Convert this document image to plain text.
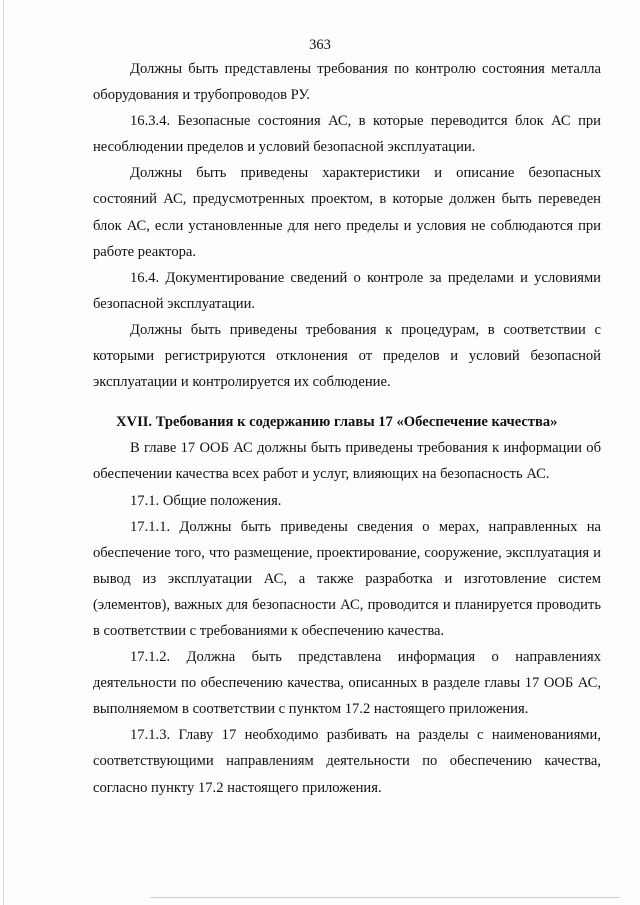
363

Должны быть представлены требования по контролю состояния металла оборудования и трубопроводов РУ.

16.3.4. Безопасные состояния АС, в которые переводится блок АС при несоблюдении пределов и условий безопасной эксплуатации.

Должны быть приведены характеристики и описание безопасных состояний АС, предусмотренных проектом, в которые должен быть переведен блок АС, если установленные для него пределы и условия не соблюдаются при работе реактора.

16.4. Документирование сведений о контроле за пределами и условиями безопасной эксплуатации.

Должны быть приведены требования к процедурам, в соответствии с которыми регистрируются отклонения от пределов и условий безопасной эксплуатации и контролируется их соблюдение.

XVII. Требования к содержанию главы 17 «Обеспечение качества»

В главе 17 ООБ АС должны быть приведены требования к информации об обеспечении качества всех работ и услуг, влияющих на безопасность АС.

17.1. Общие положения.

17.1.1. Должны быть приведены сведения о мерах, направленных на обеспечение того, что размещение, проектирование, сооружение, эксплуатация и вывод из эксплуатации АС, а также разработка и изготовление систем (элементов), важных для безопасности АС, проводится и планируется проводить в соответствии с требованиями к обеспечению качества.

17.1.2. Должна быть представлена информация о направлениях деятельности по обеспечению качества, описанных в разделе главы 17 ООБ АС, выполняемом в соответствии с пунктом 17.2 настоящего приложения.

17.1.3. Главу 17 необходимо разбивать на разделы с наименованиями, соответствующими направлениям деятельности по обеспечению качества, согласно пункту 17.2 настоящего приложения.
